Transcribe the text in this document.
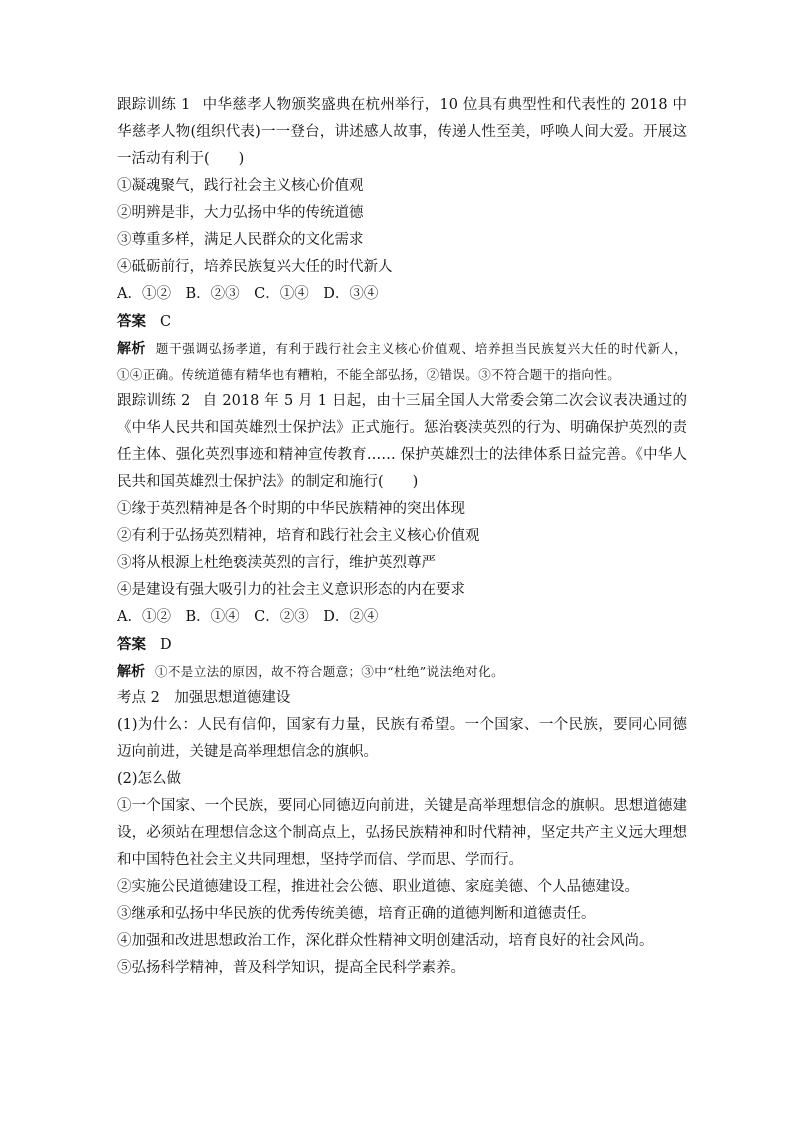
跟踪训练 1 中华慈孝人物颁奖盛典在杭州举行，10 位具有典型性和代表性的 2018 中华慈孝人物(组织代表)一一登台，讲述感人故事，传递人性至美，呼唤人间大爱。开展这一活动有利于(　　)

①凝魂聚气，践行社会主义核心价值观

②明辨是非，大力弘扬中华的传统道德

③尊重多样，满足人民群众的文化需求

④砥砺前行，培养民族复兴大任的时代新人

A．①②　B．②③　C．①④　D．③④

答案 C

解析 题干强调弘扬孝道，有利于践行社会主义核心价值观、培养担当民族复兴大任的时代新人，①④正确。传统道德有精华也有糟粕，不能全部弘扬，②错误。③不符合题干的指向性。

跟踪训练 2 自 2018 年 5 月 1 日起，由十三届全国人大常委会第二次会议表决通过的《中华人民共和国英雄烈士保护法》正式施行。惩治亵渎英烈的行为、明确保护英烈的责任主体、强化英烈事迹和精神宣传教育…… 保护英雄烈士的法律体系日益完善。《中华人民共和国英雄烈士保护法》的制定和施行(　　)

①缘于英烈精神是各个时期的中华民族精神的突出体现

②有利于弘扬英烈精神，培育和践行社会主义核心价值观

③将从根源上杜绝亵渎英烈的言行，维护英烈尊严

④是建设有强大吸引力的社会主义意识形态的内在要求

A．①②　B．①④　C．②③　D．②④

答案 D

解析 ①不是立法的原因，故不符合题意；③中“杜绝”说法绝对化。

考点 2　加强思想道德建设

(1)为什么：人民有信仰，国家有力量，民族有希望。一个国家、一个民族，要同心同德迈向前进，关键是高举理想信念的旗帜。

(2)怎么做

①一个国家、一个民族，要同心同德迈向前进，关键是高举理想信念的旗帜。思想道德建设，必须站在理想信念这个制高点上，弘扬民族精神和时代精神，坚定共产主义远大理想和中国特色社会主义共同理想，坚持学而信、学而思、学而行。

②实施公民道德建设工程，推进社会公德、职业道德、家庭美德、个人品德建设。

③继承和弘扬中华民族的优秀传统美德，培育正确的道德判断和道德责任。

④加强和改进思想政治工作，深化群众性精神文明创建活动，培育良好的社会风尚。

⑤弘扬科学精神，普及科学知识，提高全民科学素养。
